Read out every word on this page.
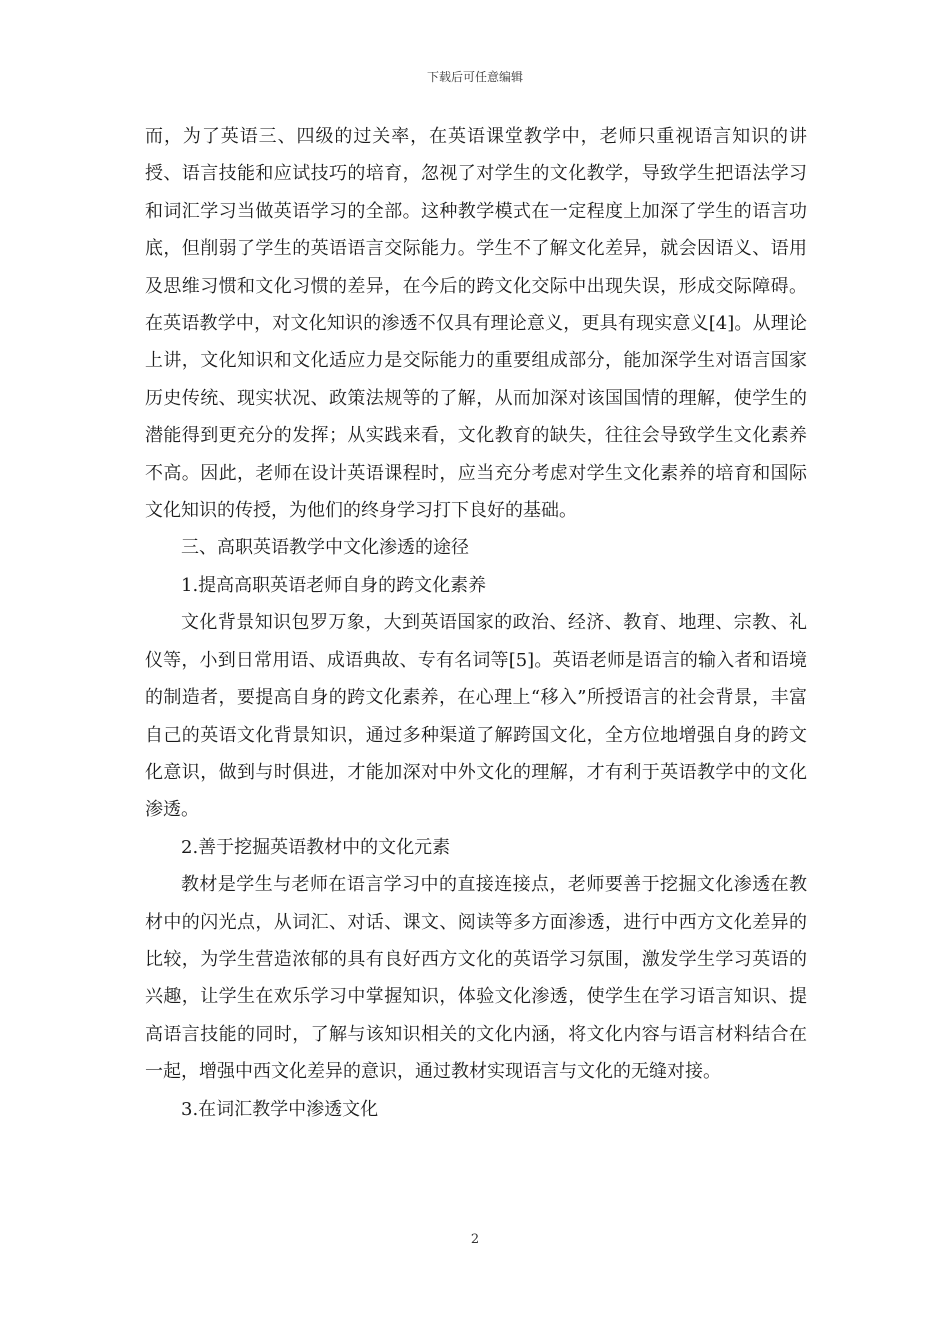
下载后可任意编辑

而，为了英语三、四级的过关率，在英语课堂教学中，老师只重视语言知识的讲授、语言技能和应试技巧的培育，忽视了对学生的文化教学，导致学生把语法学习和词汇学习当做英语学习的全部。这种教学模式在一定程度上加深了学生的语言功底，但削弱了学生的英语语言交际能力。学生不了解文化差异，就会因语义、语用及思维习惯和文化习惯的差异，在今后的跨文化交际中出现失误，形成交际障碍。在英语教学中，对文化知识的渗透不仅具有理论意义，更具有现实意义[4]。从理论上讲，文化知识和文化适应力是交际能力的重要组成部分，能加深学生对语言国家历史传统、现实状况、政策法规等的了解，从而加深对该国国情的理解，使学生的潜能得到更充分的发挥；从实践来看，文化教育的缺失，往往会导致学生文化素养不高。因此，老师在设计英语课程时，应当充分考虑对学生文化素养的培育和国际文化知识的传授，为他们的终身学习打下良好的基础。

三、高职英语教学中文化渗透的途径

1.提高高职英语老师自身的跨文化素养

文化背景知识包罗万象，大到英语国家的政治、经济、教育、地理、宗教、礼仪等，小到日常用语、成语典故、专有名词等[5]。英语老师是语言的输入者和语境的制造者，要提高自身的跨文化素养，在心理上“移入”所授语言的社会背景，丰富自己的英语文化背景知识，通过多种渠道了解跨国文化，全方位地增强自身的跨文化意识，做到与时俱进，才能加深对中外文化的理解，才有利于英语教学中的文化渗透。

2.善于挖掘英语教材中的文化元素

教材是学生与老师在语言学习中的直接连接点，老师要善于挖掘文化渗透在教材中的闪光点，从词汇、对话、课文、阅读等多方面渗透，进行中西方文化差异的比较，为学生营造浓郁的具有良好西方文化的英语学习氛围，激发学生学习英语的兴趣，让学生在欢乐学习中掌握知识，体验文化渗透，使学生在学习语言知识、提高语言技能的同时，了解与该知识相关的文化内涵，将文化内容与语言材料结合在一起，增强中西文化差异的意识，通过教材实现语言与文化的无缝对接。

3.在词汇教学中渗透文化

2
